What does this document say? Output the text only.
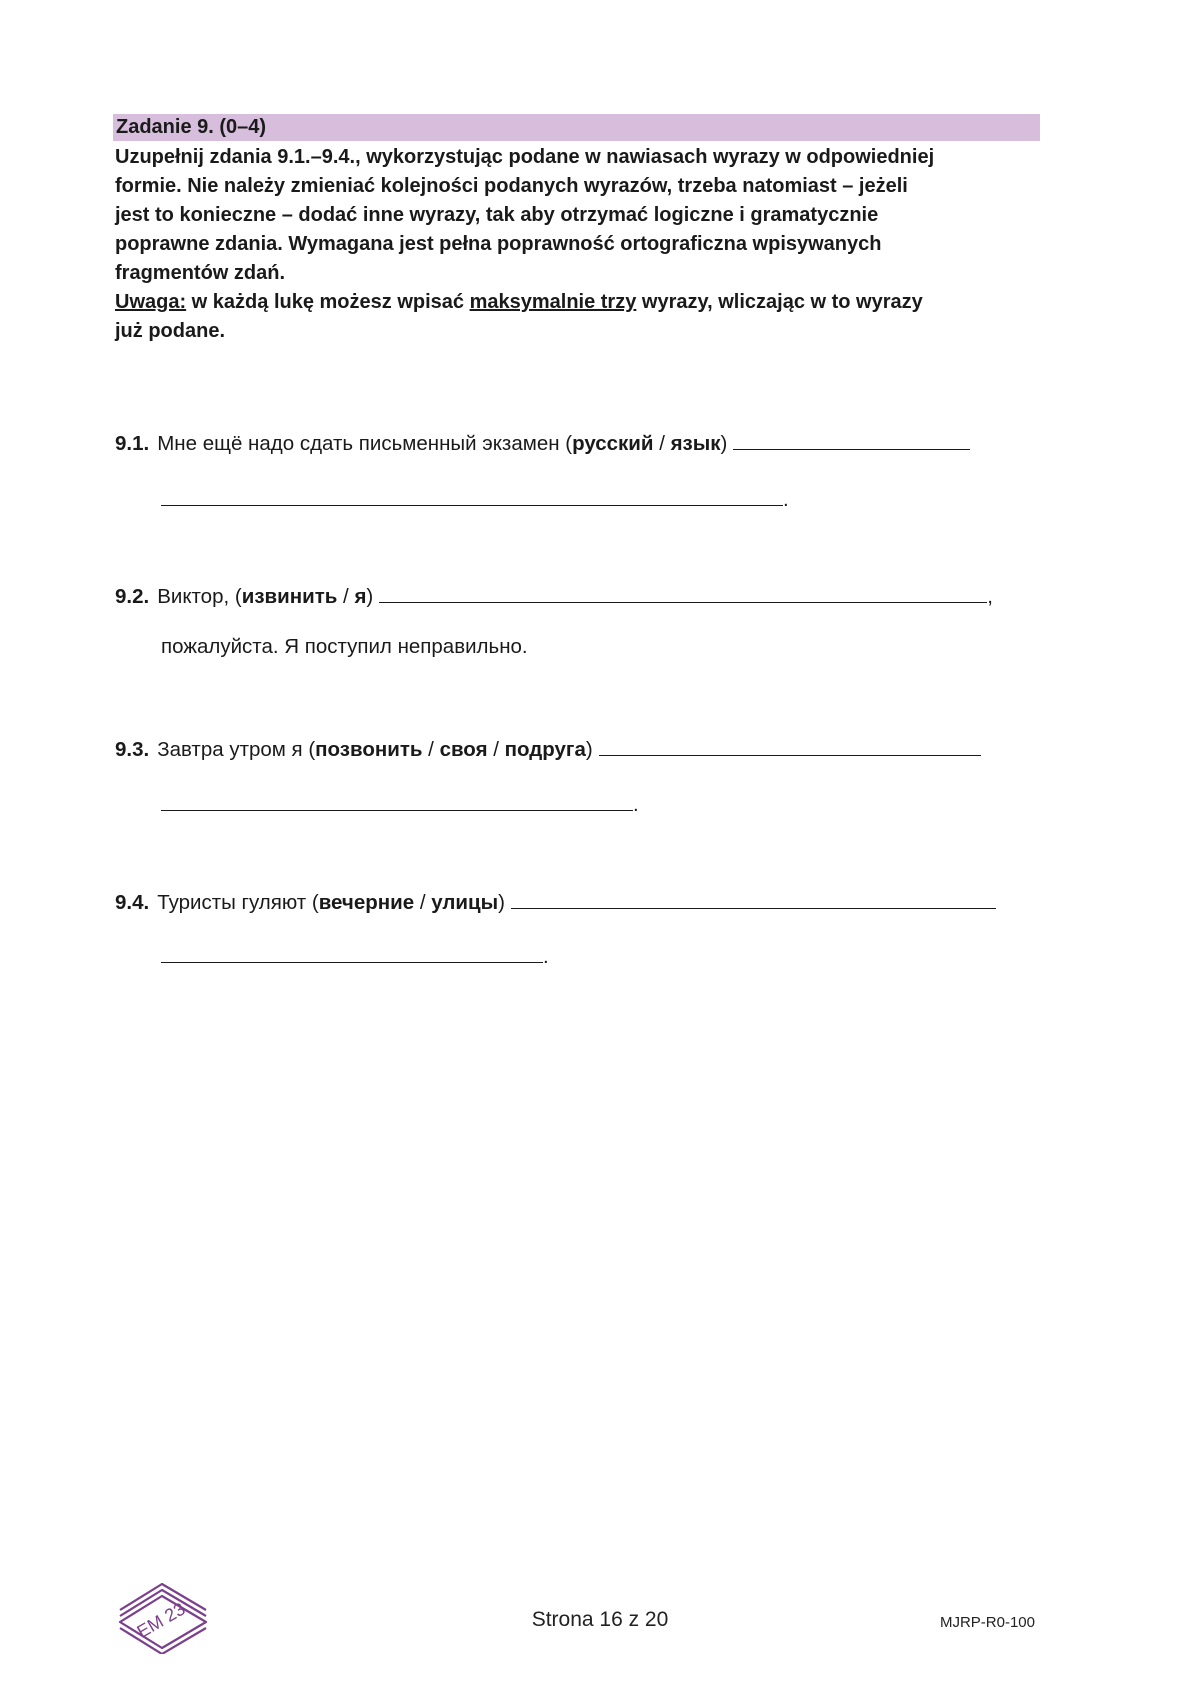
Zadanie 9. (0–4)

Uzupełnij zdania 9.1.–9.4., wykorzystując podane w nawiasach wyrazy w odpowiedniej

formie. Nie należy zmieniać kolejności podanych wyrazów, trzeba natomiast – jeżeli

jest to konieczne – dodać inne wyrazy, tak aby otrzymać logiczne i gramatycznie

poprawne zdania. Wymagana jest pełna poprawność ortograficzna wpisywanych

fragmentów zdań.

Uwaga: w każdą lukę możesz wpisać maksymalnie trzy wyrazy, wliczając w to wyrazy

już podane.

9.1. Мне ещё надо сдать письменный экзамен (русский / язык)
.
9.2. Виктор, (извинить / я)	,
пожалуйста. Я поступил неправильно.
9.3. Завтра утром я (позвонить / своя / подруга)
.
9.4. Туристы гуляют (вечерние / улицы)
.
EM 23	Strona 16 z 20	MJRP-R0-100
